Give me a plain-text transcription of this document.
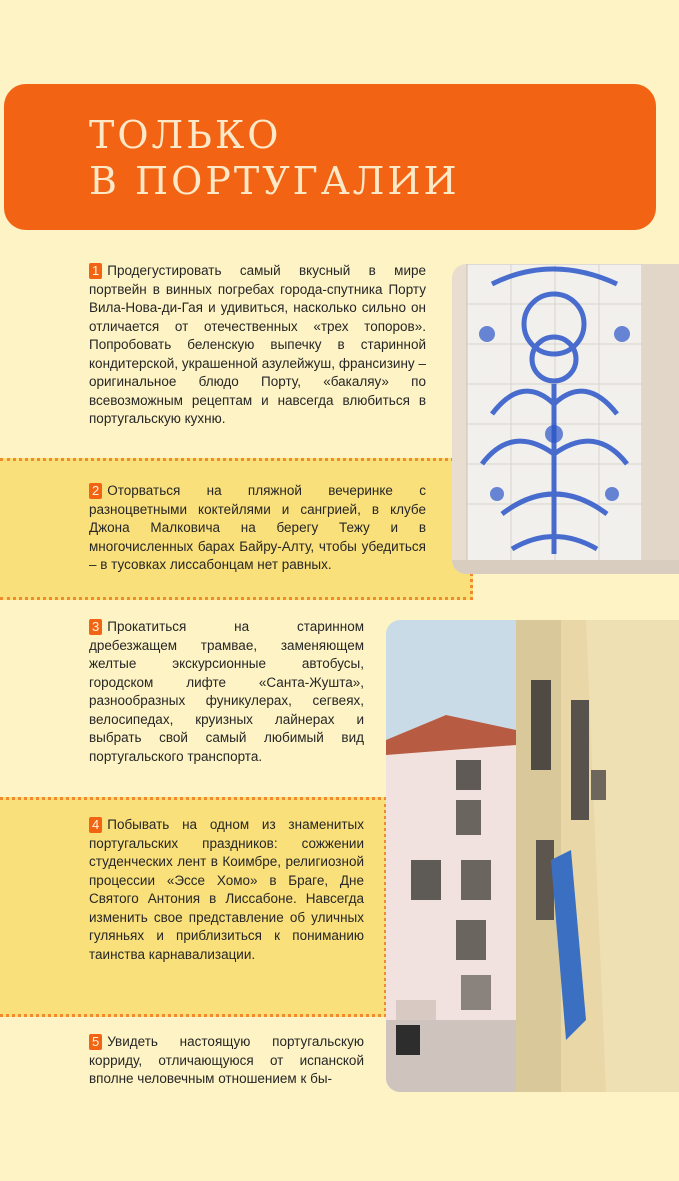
ТОЛЬКО
В ПОРТУГАЛИИ
1 Продегустировать самый вкусный в мире портвейн в винных погребах города-спутника Порту Вила-Нова-ди-Гая и удивиться, насколько сильно он отличается от отечественных «трех топоров». Попробовать беленскую выпечку в старинной кондитерской, украшенной азулейжуш, франсизину – оригинальное блюдо Порту, «бакаляу» по всевозможным рецептам и навсегда влюбиться в португальскую кухню.
2 Оторваться на пляжной вечеринке с разноцветными коктейлями и сангрией, в клубе Джона Малковича на берегу Тежу и в многочисленных барах Байру-Алту, чтобы убедиться – в тусовках лиссабонцам нет равных.
3 Прокатиться на старинном дребезжащем трамвае, заменяющем желтые экскурсионные автобусы, городском лифте «Санта-Жушта», разнообразных фуникулерах, сегвеях, велосипедах, круизных лайнерах и выбрать свой самый любимый вид португальского транспорта.
4 Побывать на одном из знаменитых португальских праздников: сожжении студенческих лент в Коимбре, религиозной процессии «Эссе Хомо» в Браге, Дне Святого Антония в Лиссабоне. Навсегда изменить свое представление об уличных гуляньях и приблизиться к пониманию таинства карнавализации.
5 Увидеть настоящую португальскую корриду, отличающуюся от испанской вполне человечным отношением к бы-
